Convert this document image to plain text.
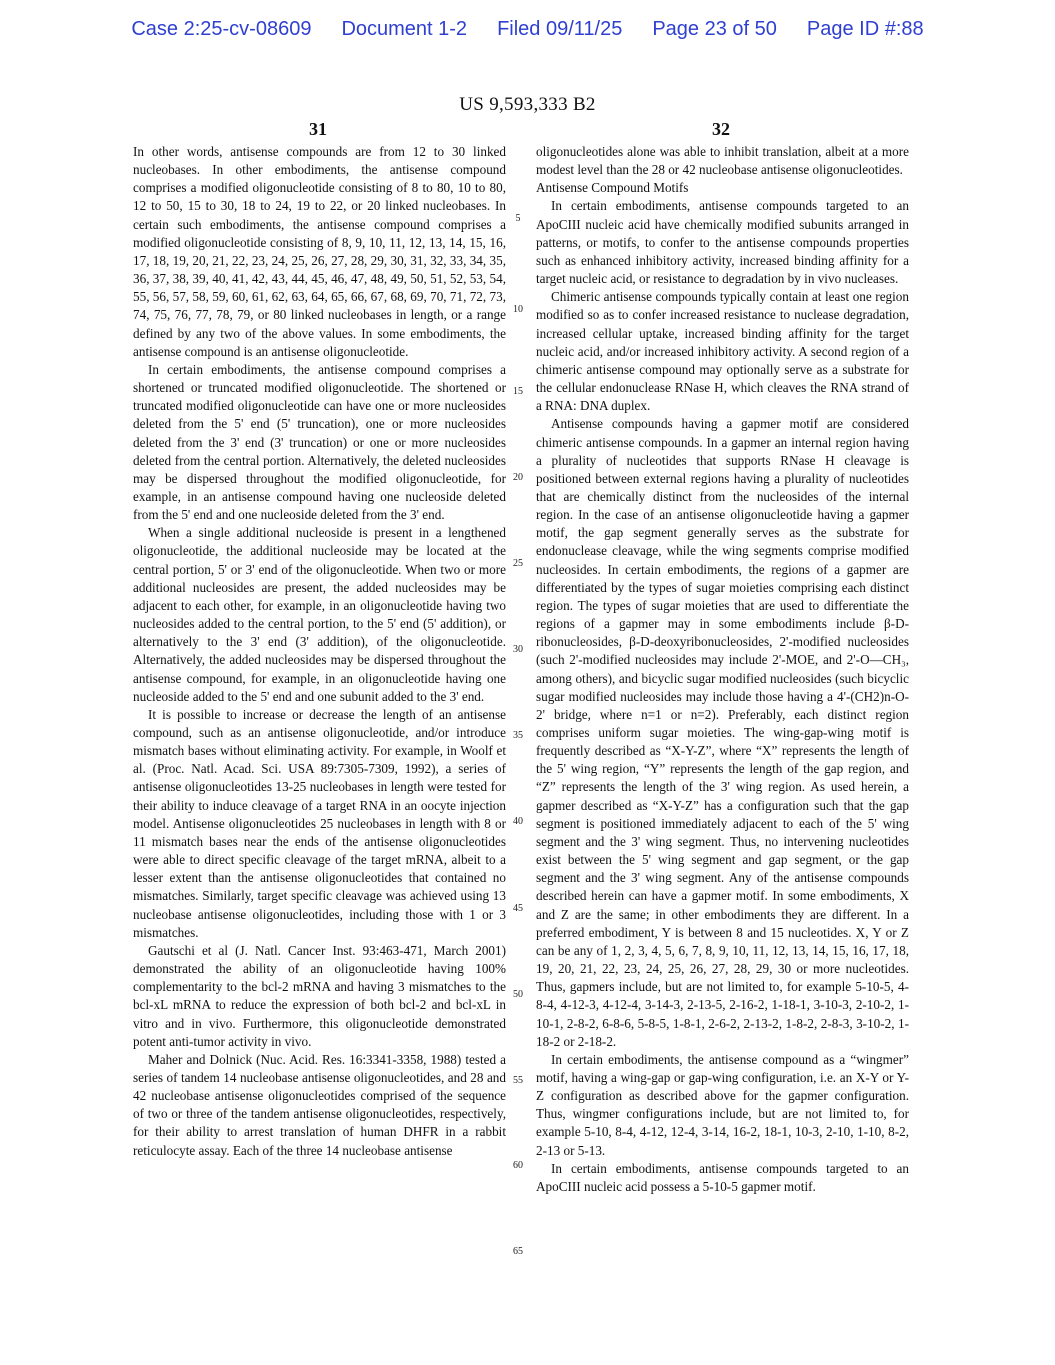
Case 2:25-cv-08609 Document 1-2 Filed 09/11/25 Page 23 of 50 Page ID #:88
US 9,593,333 B2
31	32

In other words, antisense compounds are from 12 to 30 linked nucleobases. In other embodiments, the antisense compound comprises a modified oligonucleotide consisting of 8 to 80, 10 to 80, 12 to 50, 15 to 30, 18 to 24, 19 to 22, or 20 linked nucleobases. In certain such embodiments, the antisense compound comprises a modified oligonucleotide consisting of 8, 9, 10, 11, 12, 13, 14, 15, 16, 17, 18, 19, 20, 21, 22, 23, 24, 25, 26, 27, 28, 29, 30, 31, 32, 33, 34, 35, 36, 37, 38, 39, 40, 41, 42, 43, 44, 45, 46, 47, 48, 49, 50, 51, 52, 53, 54, 55, 56, 57, 58, 59, 60, 61, 62, 63, 64, 65, 66, 67, 68, 69, 70, 71, 72, 73, 74, 75, 76, 77, 78, 79, or 80 linked nucleobases in length, or a range defined by any two of the above values. In some embodiments, the antisense compound is an antisense oligonucleotide.

In certain embodiments, the antisense compound comprises a shortened or truncated modified oligonucleotide. The shortened or truncated modified oligonucleotide can have one or more nucleosides deleted from the 5' end (5' truncation), one or more nucleosides deleted from the 3' end (3' truncation) or one or more nucleosides deleted from the central portion. Alternatively, the deleted nucleosides may be dispersed throughout the modified oligonucleotide, for example, in an antisense compound having one nucleoside deleted from the 5' end and one nucleoside deleted from the 3' end.

When a single additional nucleoside is present in a lengthened oligonucleotide, the additional nucleoside may be located at the central portion, 5' or 3' end of the oligonucleotide. When two or more additional nucleosides are present, the added nucleosides may be adjacent to each other, for example, in an oligonucleotide having two nucleosides added to the central portion, to the 5' end (5' addition), or alternatively to the 3' end (3' addition), of the oligonucleotide. Alternatively, the added nucleosides may be dispersed throughout the antisense compound, for example, in an oligonucleotide having one nucleoside added to the 5' end and one subunit added to the 3' end.

It is possible to increase or decrease the length of an antisense compound, such as an antisense oligonucleotide, and/or introduce mismatch bases without eliminating activity. For example, in Woolf et al. (Proc. Natl. Acad. Sci. USA 89:7305-7309, 1992), a series of antisense oligonucleotides 13-25 nucleobases in length were tested for their ability to induce cleavage of a target RNA in an oocyte injection model. Antisense oligonucleotides 25 nucleobases in length with 8 or 11 mismatch bases near the ends of the antisense oligonucleotides were able to direct specific cleavage of the target mRNA, albeit to a lesser extent than the antisense oligonucleotides that contained no mismatches. Similarly, target specific cleavage was achieved using 13 nucleobase antisense oligonucleotides, including those with 1 or 3 mismatches.

Gautschi et al (J. Natl. Cancer Inst. 93:463-471, March 2001) demonstrated the ability of an oligonucleotide having 100% complementarity to the bcl-2 mRNA and having 3 mismatches to the bcl-xL mRNA to reduce the expression of both bcl-2 and bcl-xL in vitro and in vivo. Furthermore, this oligonucleotide demonstrated potent anti-tumor activity in vivo.

Maher and Dolnick (Nuc. Acid. Res. 16:3341-3358, 1988) tested a series of tandem 14 nucleobase antisense oligonucleotides, and 28 and 42 nucleobase antisense oligonucleotides comprised of the sequence of two or three of the tandem antisense oligonucleotides, respectively, for their ability to arrest translation of human DHFR in a rabbit reticulocyte assay. Each of the three 14 nucleobase antisense

5
10
15
20
25
30
35
40
45
50
55
60
65

oligonucleotides alone was able to inhibit translation, albeit at a more modest level than the 28 or 42 nucleobase antisense oligonucleotides.

Antisense Compound Motifs

In certain embodiments, antisense compounds targeted to an ApoCIII nucleic acid have chemically modified subunits arranged in patterns, or motifs, to confer to the antisense compounds properties such as enhanced inhibitory activity, increased binding affinity for a target nucleic acid, or resistance to degradation by in vivo nucleases.

Chimeric antisense compounds typically contain at least one region modified so as to confer increased resistance to nuclease degradation, increased cellular uptake, increased binding affinity for the target nucleic acid, and/or increased inhibitory activity. A second region of a chimeric antisense compound may optionally serve as a substrate for the cellular endonuclease RNase H, which cleaves the RNA strand of a RNA: DNA duplex.

Antisense compounds having a gapmer motif are considered chimeric antisense compounds. In a gapmer an internal region having a plurality of nucleotides that supports RNase H cleavage is positioned between external regions having a plurality of nucleotides that are chemically distinct from the nucleosides of the internal region. In the case of an antisense oligonucleotide having a gapmer motif, the gap segment generally serves as the substrate for endonuclease cleavage, while the wing segments comprise modified nucleosides. In certain embodiments, the regions of a gapmer are differentiated by the types of sugar moieties comprising each distinct region. The types of sugar moieties that are used to differentiate the regions of a gapmer may in some embodiments include β-D-ribonucleosides, β-D-deoxyribonucleosides, 2'-modified nucleosides (such 2'-modified nucleosides may include 2'-MOE, and 2'-O—CH₃, among others), and bicyclic sugar modified nucleosides (such bicyclic sugar modified nucleosides may include those having a 4'-(CH2)n-O-2' bridge, where n=1 or n=2). Preferably, each distinct region comprises uniform sugar moieties. The wing-gap-wing motif is frequently described as “X-Y-Z”, where “X” represents the length of the 5' wing region, “Y” represents the length of the gap region, and “Z” represents the length of the 3' wing region. As used herein, a gapmer described as “X-Y-Z” has a configuration such that the gap segment is positioned immediately adjacent to each of the 5' wing segment and the 3' wing segment. Thus, no intervening nucleotides exist between the 5' wing segment and gap segment, or the gap segment and the 3' wing segment. Any of the antisense compounds described herein can have a gapmer motif. In some embodiments, X and Z are the same; in other embodiments they are different. In a preferred embodiment, Y is between 8 and 15 nucleotides. X, Y or Z can be any of 1, 2, 3, 4, 5, 6, 7, 8, 9, 10, 11, 12, 13, 14, 15, 16, 17, 18, 19, 20, 21, 22, 23, 24, 25, 26, 27, 28, 29, 30 or more nucleotides. Thus, gapmers include, but are not limited to, for example 5-10-5, 4-8-4, 4-12-3, 4-12-4, 3-14-3, 2-13-5, 2-16-2, 1-18-1, 3-10-3, 2-10-2, 1-10-1, 2-8-2, 6-8-6, 5-8-5, 1-8-1, 2-6-2, 2-13-2, 1-8-2, 2-8-3, 3-10-2, 1-18-2 or 2-18-2.

In certain embodiments, the antisense compound as a “wingmer” motif, having a wing-gap or gap-wing configuration, i.e. an X-Y or Y-Z configuration as described above for the gapmer configuration. Thus, wingmer configurations include, but are not limited to, for example 5-10, 8-4, 4-12, 12-4, 3-14, 16-2, 18-1, 10-3, 2-10, 1-10, 8-2, 2-13 or 5-13.

In certain embodiments, antisense compounds targeted to an ApoCIII nucleic acid possess a 5-10-5 gapmer motif.
